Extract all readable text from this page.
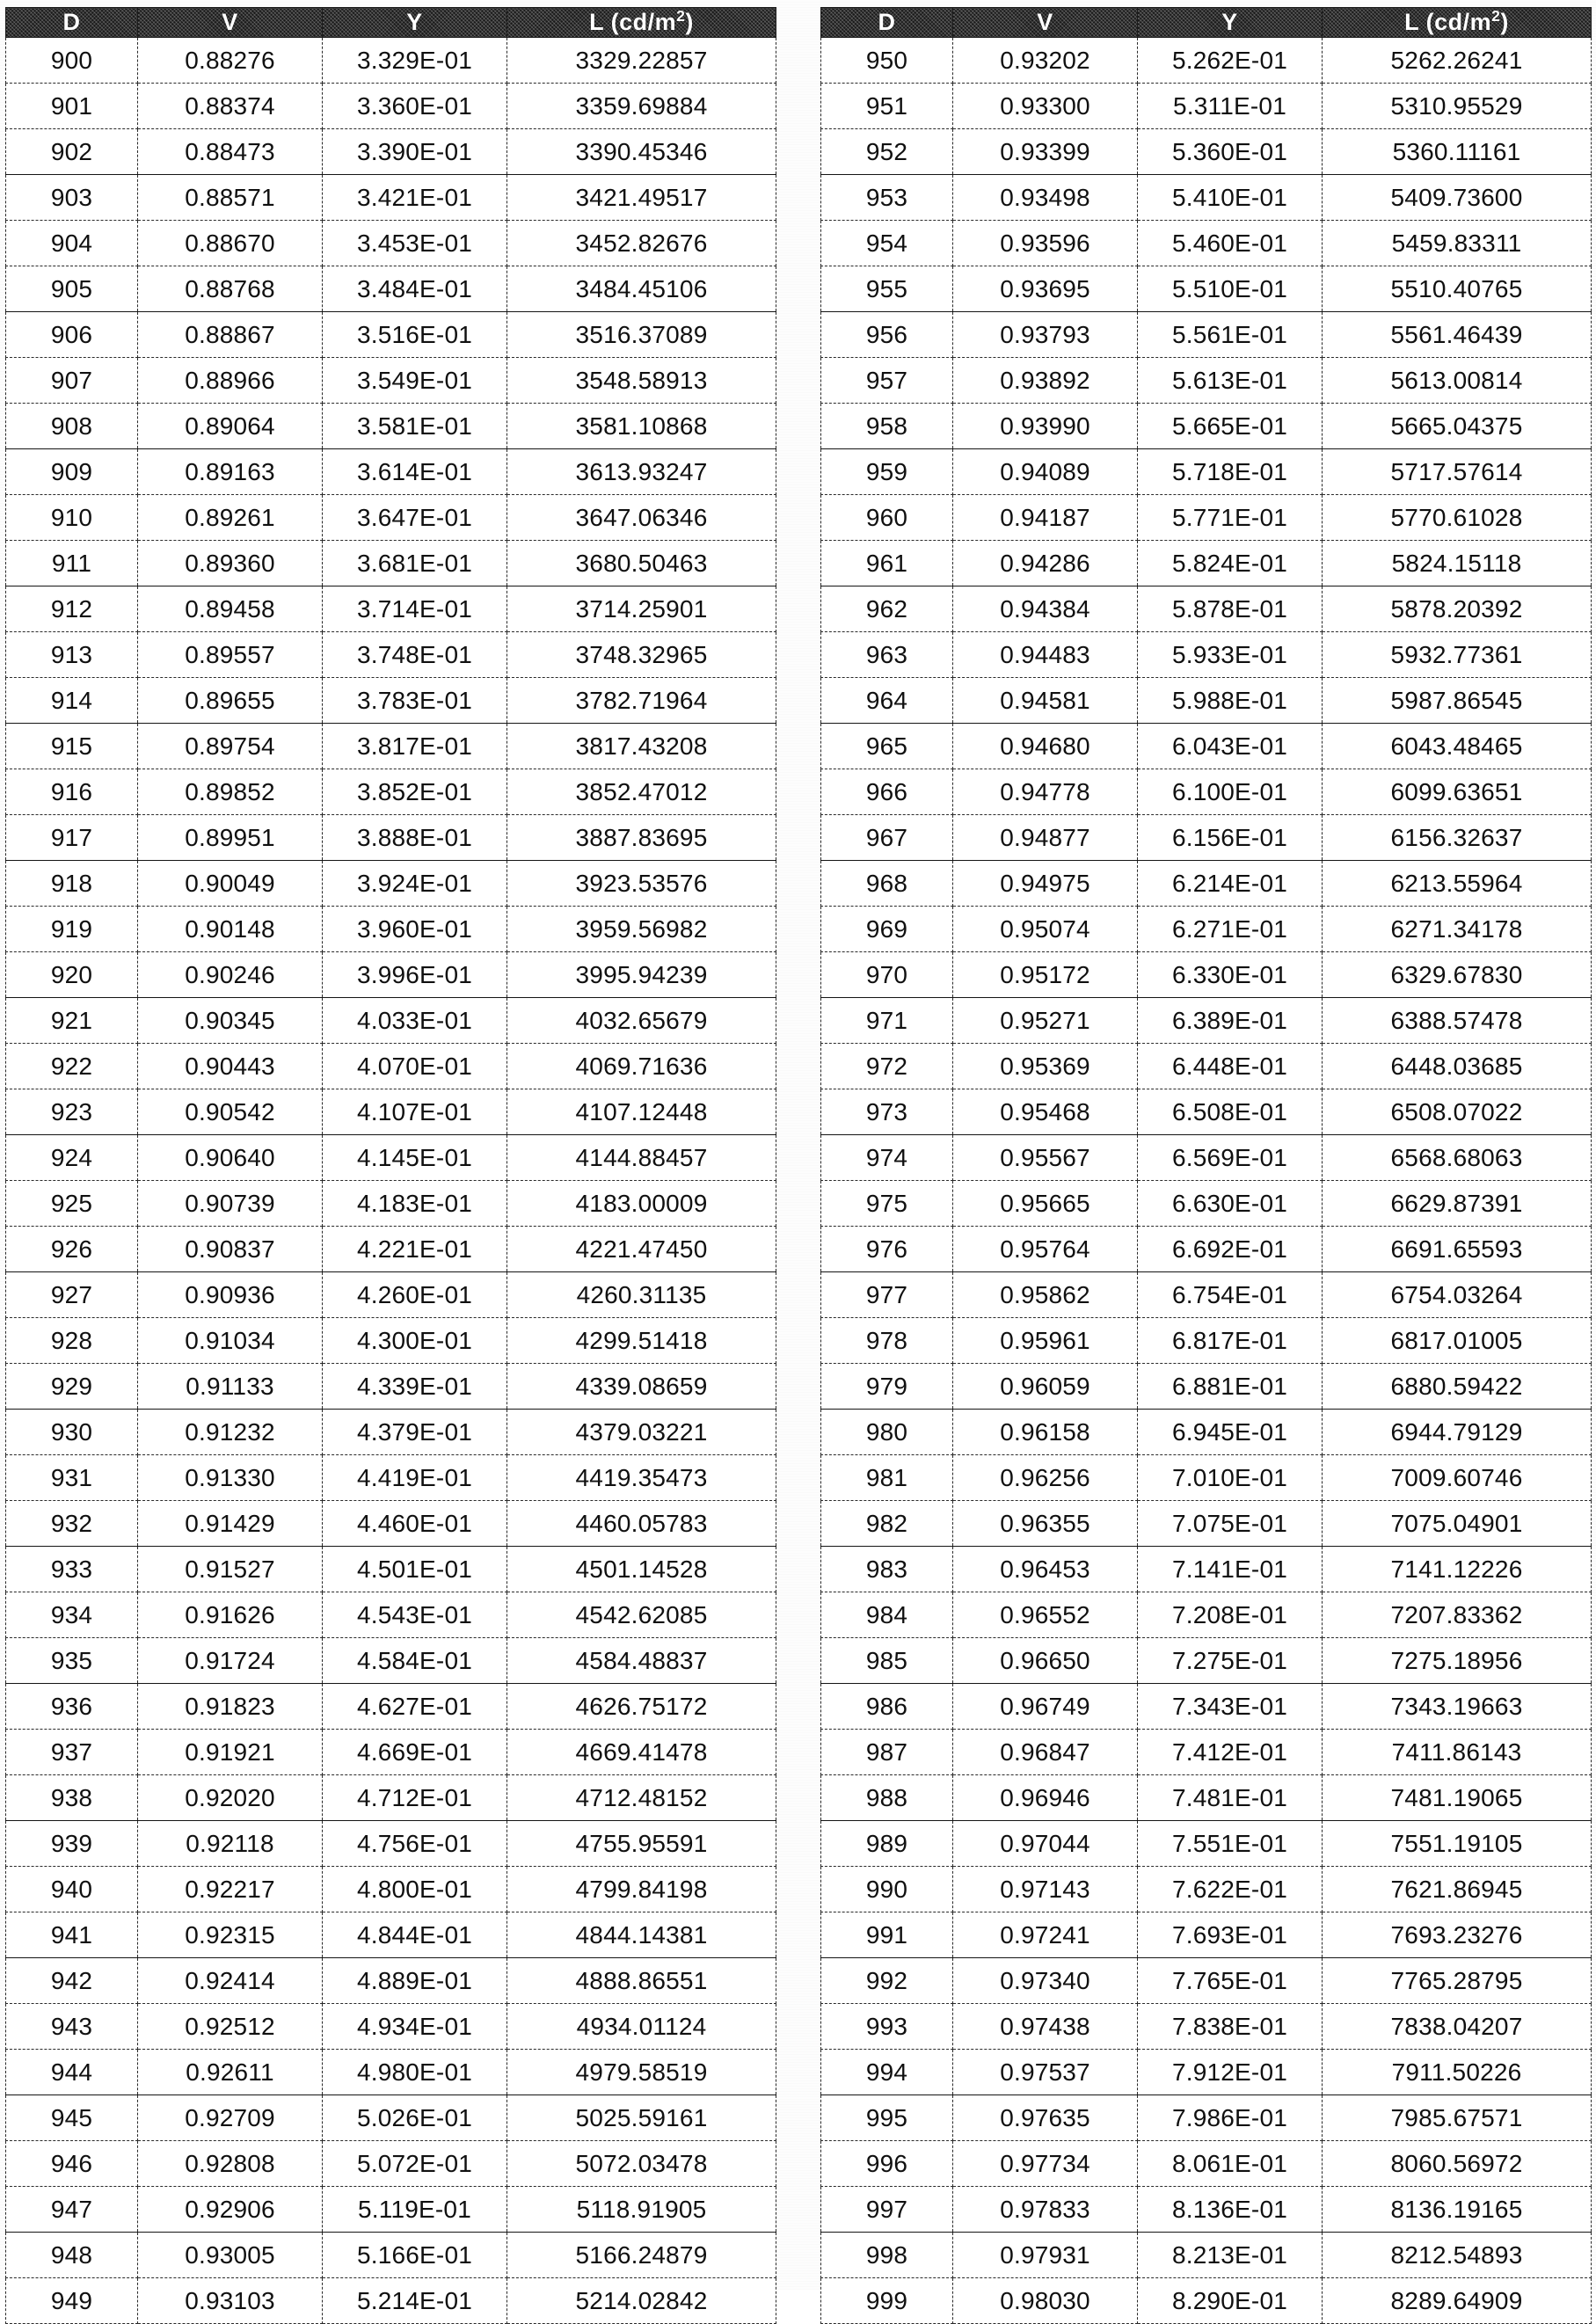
D	V	Y	L $(cd/m^2)$
900	0.88276	3.329E-01	3329.22857
901	0.88374	3.360E-01	3359.69884
902	0.88473	3.390E-01	3390.45346
903	0.88571	3.421E-01	3421.49517
904	0.88670	3.453E-01	3452.82676
905	0.88768	3.484E-01	3484.45106
906	0.88867	3.516E-01	3516.37089
907	0.88966	3.549E-01	3548.58913
908	0.89064	3.581E-01	3581.10868
909	0.89163	3.614E-01	3613.93247
910	0.89261	3.647E-01	3647.06346
911	0.89360	3.681E-01	3680.50463
912	0.89458	3.714E-01	3714.25901
913	0.89557	3.748E-01	3748.32965
914	0.89655	3.783E-01	3782.71964
915	0.89754	3.817E-01	3817.43208
916	0.89852	3.852E-01	3852.47012
917	0.89951	3.888E-01	3887.83695
918	0.90049	3.924E-01	3923.53576
919	0.90148	3.960E-01	3959.56982
920	0.90246	3.996E-01	3995.94239
921	0.90345	4.033E-01	4032.65679
922	0.90443	4.070E-01	4069.71636
923	0.90542	4.107E-01	4107.12448
924	0.90640	4.145E-01	4144.88457
925	0.90739	4.183E-01	4183.00009
926	0.90837	4.221E-01	4221.47450
927	0.90936	4.260E-01	4260.31135
928	0.91034	4.300E-01	4299.51418
929	0.91133	4.339E-01	4339.08659
930	0.91232	4.379E-01	4379.03221
931	0.91330	4.419E-01	4419.35473
932	0.91429	4.460E-01	4460.05783
933	0.91527	4.501E-01	4501.14528
934	0.91626	4.543E-01	4542.62085
935	0.91724	4.584E-01	4584.48837
936	0.91823	4.627E-01	4626.75172
937	0.91921	4.669E-01	4669.41478
938	0.92020	4.712E-01	4712.48152
939	0.92118	4.756E-01	4755.95591
940	0.92217	4.800E-01	4799.84198
941	0.92315	4.844E-01	4844.14381
942	0.92414	4.889E-01	4888.86551
943	0.92512	4.934E-01	4934.01124
944	0.92611	4.980E-01	4979.58519
945	0.92709	5.026E-01	5025.59161
946	0.92808	5.072E-01	5072.03478
947	0.92906	5.119E-01	5118.91905
948	0.93005	5.166E-01	5166.24879
949	0.93103	5.214E-01	5214.02842
D	V	Y	L $(cd/m^2)$
950	0.93202	5.262E-01	5262.26241
951	0.93300	5.311E-01	5310.95529
952	0.93399	5.360E-01	5360.11161
953	0.93498	5.410E-01	5409.73600
954	0.93596	5.460E-01	5459.83311
955	0.93695	5.510E-01	5510.40765
956	0.93793	5.561E-01	5561.46439
957	0.93892	5.613E-01	5613.00814
958	0.93990	5.665E-01	5665.04375
959	0.94089	5.718E-01	5717.57614
960	0.94187	5.771E-01	5770.61028
961	0.94286	5.824E-01	5824.15118
962	0.94384	5.878E-01	5878.20392
963	0.94483	5.933E-01	5932.77361
964	0.94581	5.988E-01	5987.86545
965	0.94680	6.043E-01	6043.48465
966	0.94778	6.100E-01	6099.63651
967	0.94877	6.156E-01	6156.32637
968	0.94975	6.214E-01	6213.55964
969	0.95074	6.271E-01	6271.34178
970	0.95172	6.330E-01	6329.67830
971	0.95271	6.389E-01	6388.57478
972	0.95369	6.448E-01	6448.03685
973	0.95468	6.508E-01	6508.07022
974	0.95567	6.569E-01	6568.68063
975	0.95665	6.630E-01	6629.87391
976	0.95764	6.692E-01	6691.65593
977	0.95862	6.754E-01	6754.03264
978	0.95961	6.817E-01	6817.01005
979	0.96059	6.881E-01	6880.59422
980	0.96158	6.945E-01	6944.79129
981	0.96256	7.010E-01	7009.60746
982	0.96355	7.075E-01	7075.04901
983	0.96453	7.141E-01	7141.12226
984	0.96552	7.208E-01	7207.83362
985	0.96650	7.275E-01	7275.18956
986	0.96749	7.343E-01	7343.19663
987	0.96847	7.412E-01	7411.86143
988	0.96946	7.481E-01	7481.19065
989	0.97044	7.551E-01	7551.19105
990	0.97143	7.622E-01	7621.86945
991	0.97241	7.693E-01	7693.23276
992	0.97340	7.765E-01	7765.28795
993	0.97438	7.838E-01	7838.04207
994	0.97537	7.912E-01	7911.50226
995	0.97635	7.986E-01	7985.67571
996	0.97734	8.061E-01	8060.56972
997	0.97833	8.136E-01	8136.19165
998	0.97931	8.213E-01	8212.54893
999	0.98030	8.290E-01	8289.64909
